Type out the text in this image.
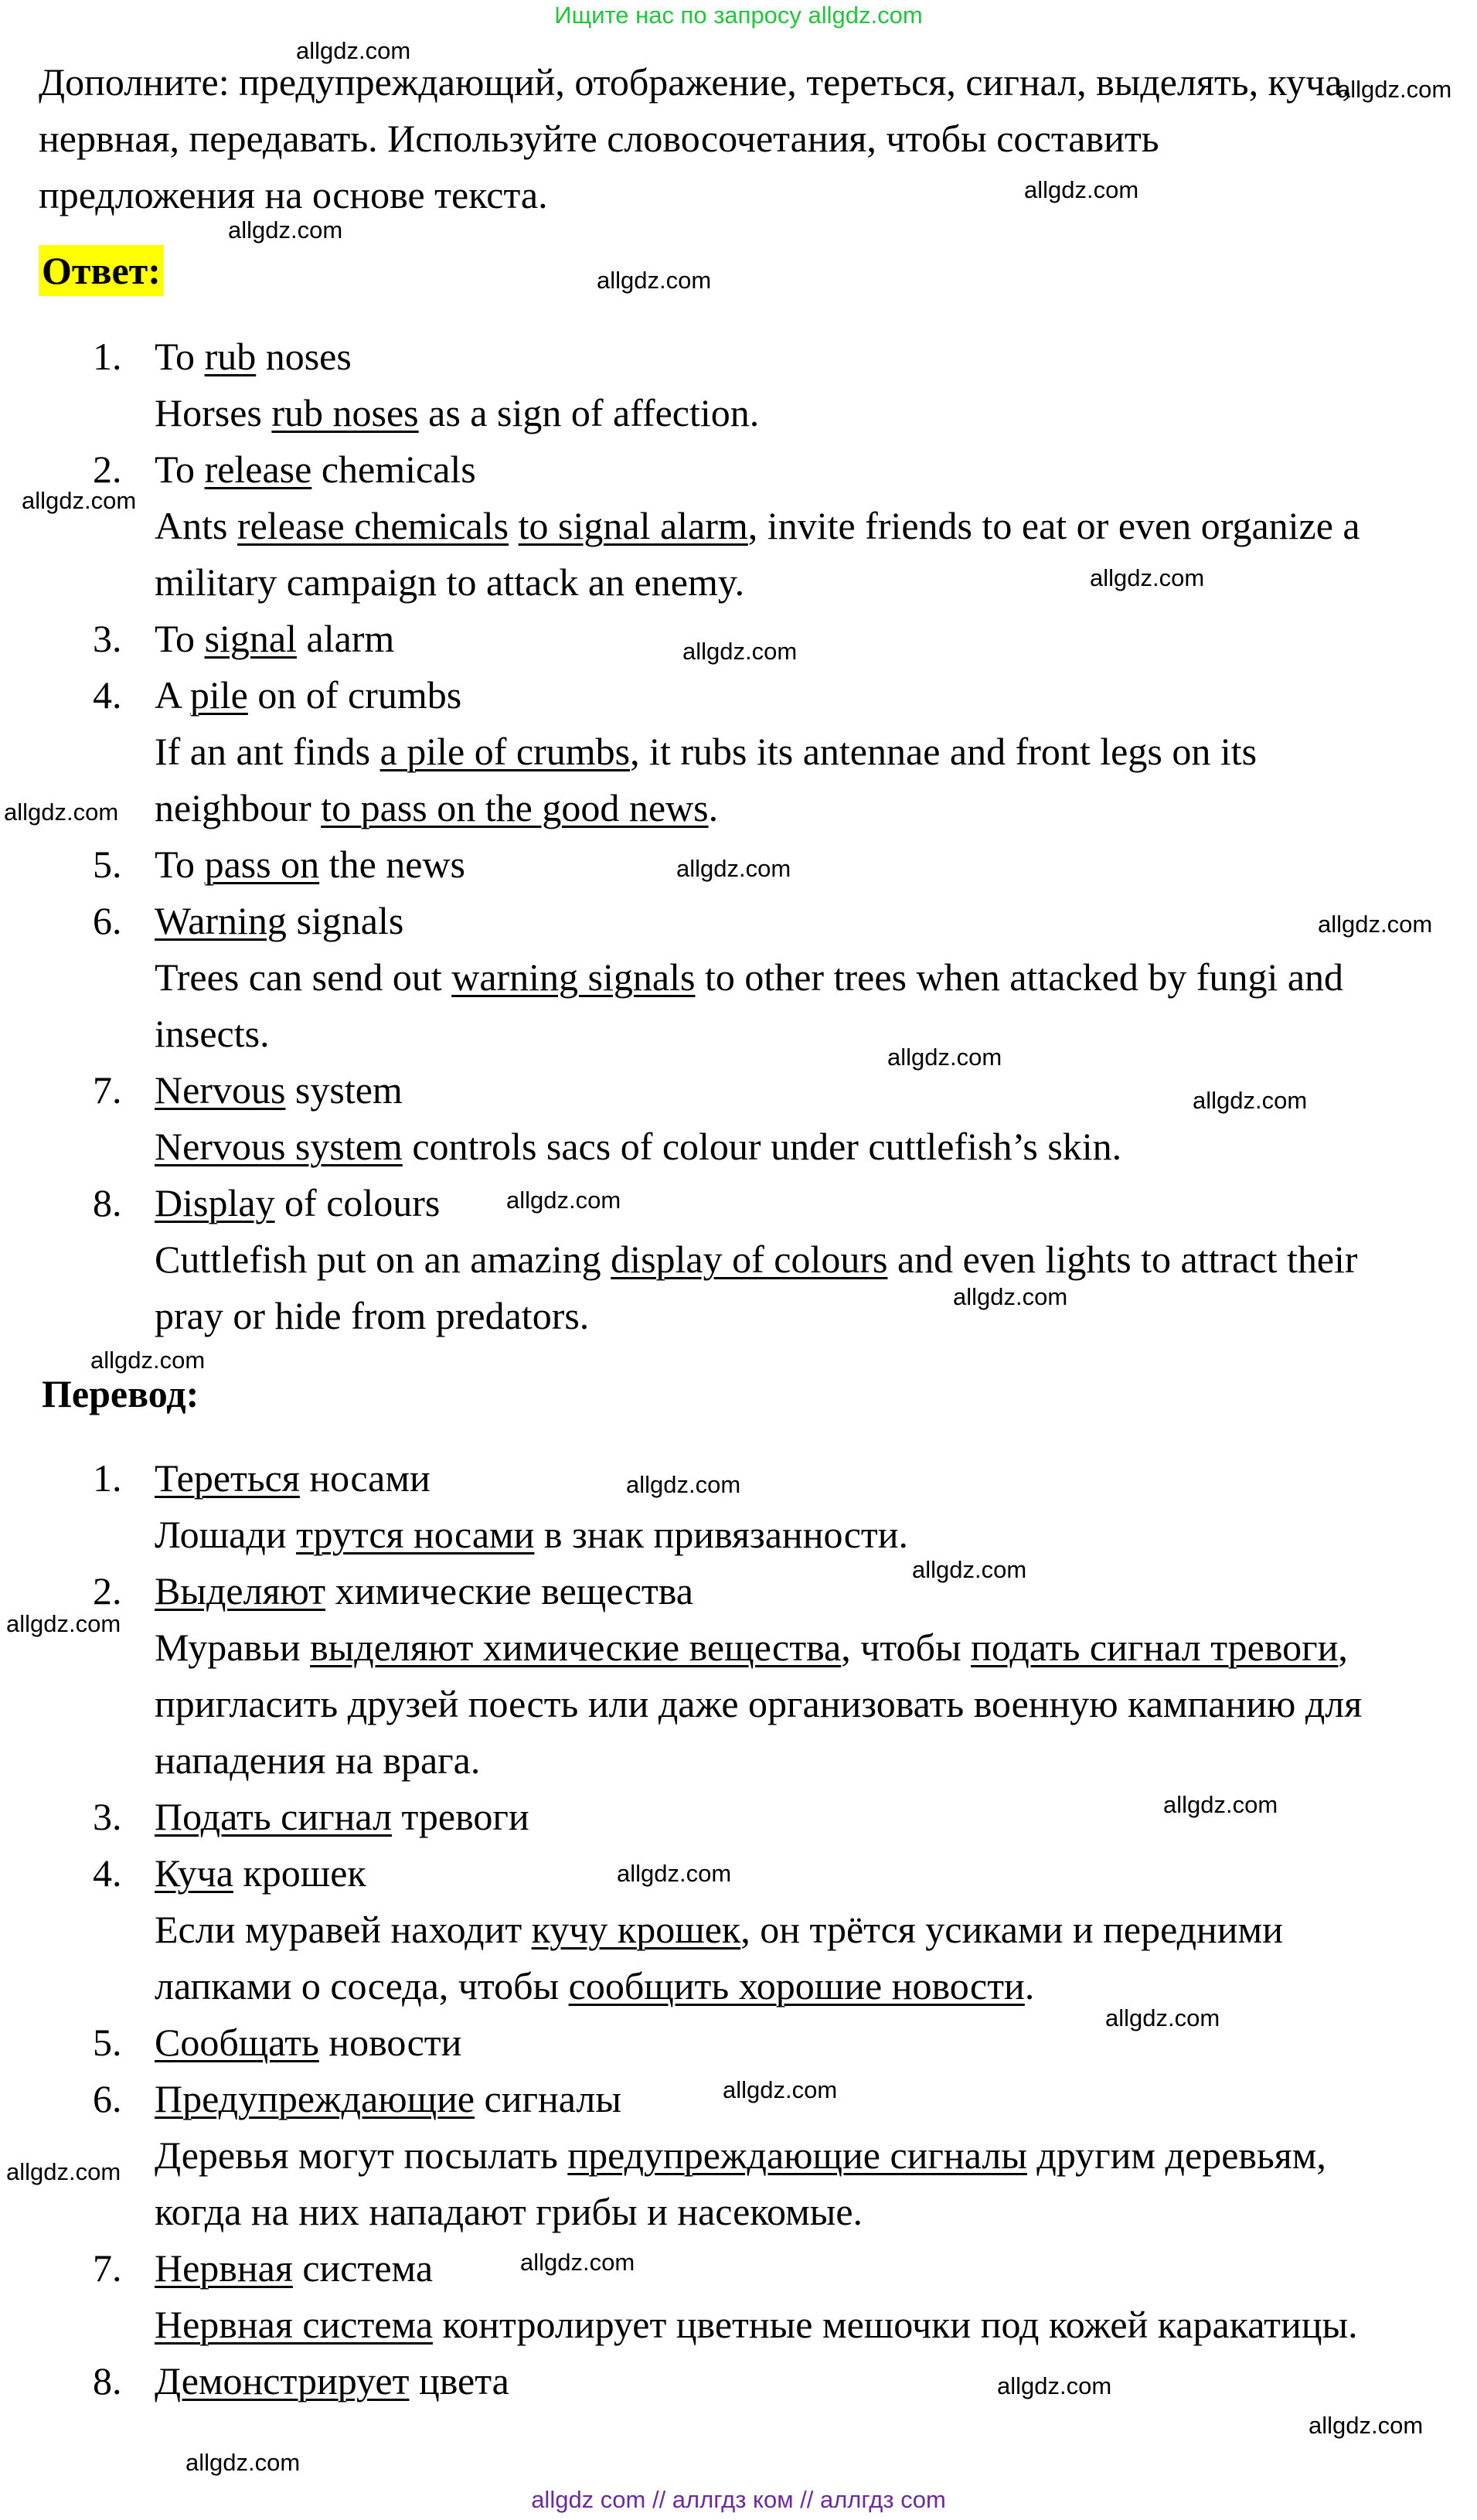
Ищите нас по запросу allgdz.com
Дополните: предупреждающий, отображение, тереться, сигнал, выделять, куча, нервная, передавать. Используйте словосочетания, чтобы составить предложения на основе текста.
Ответ:
1. To rub noses
Horses rub noses as a sign of affection.
2. To release chemicals
Ants release chemicals to signal alarm, invite friends to eat or even organize a military campaign to attack an enemy.
3. To signal alarm
4. A pile on of crumbs
If an ant finds a pile of crumbs, it rubs its antennae and front legs on its neighbour to pass on the good news.
5. To pass on the news
6. Warning signals
Trees can send out warning signals to other trees when attacked by fungi and insects.
7. Nervous system
Nervous system controls sacs of colour under cuttlefish’s skin.
8. Display of colours
Cuttlefish put on an amazing display of colours and even lights to attract their pray or hide from predators.
Перевод:
1. Тереться носами
Лошади трутся носами в знак привязанности.
2. Выделяют химические вещества
Муравьи выделяют химические вещества, чтобы подать сигнал тревоги, пригласить друзей поесть или даже организовать военную кампанию для нападения на врага.
3. Подать сигнал тревоги
4. Куча крошек
Если муравей находит кучу крошек, он трётся усиками и передними лапками о соседа, чтобы сообщить хорошие новости.
5. Сообщать новости
6. Предупреждающие сигналы
Деревья могут посылать предупреждающие сигналы другим деревьям, когда на них нападают грибы и насекомые.
7. Нервная система
Нервная система контролирует цветные мешочки под кожей каракатицы.
8. Демонстрирует цвета
allgdz.com
allgdz.com
allgdz.com
allgdz.com
allgdz.com
allgdz.com
allgdz.com
allgdz.com
allgdz.com
allgdz.com
allgdz.com
allgdz.com
allgdz.com
allgdz.com
allgdz.com
allgdz.com
allgdz.com
allgdz.com
allgdz.com
allgdz.com
allgdz.com
allgdz.com
allgdz.com
allgdz.com
allgdz.com
allgdz.com
allgdz.com
allgdz.com
allgdz com // аллгдз ком // аллгдз com
